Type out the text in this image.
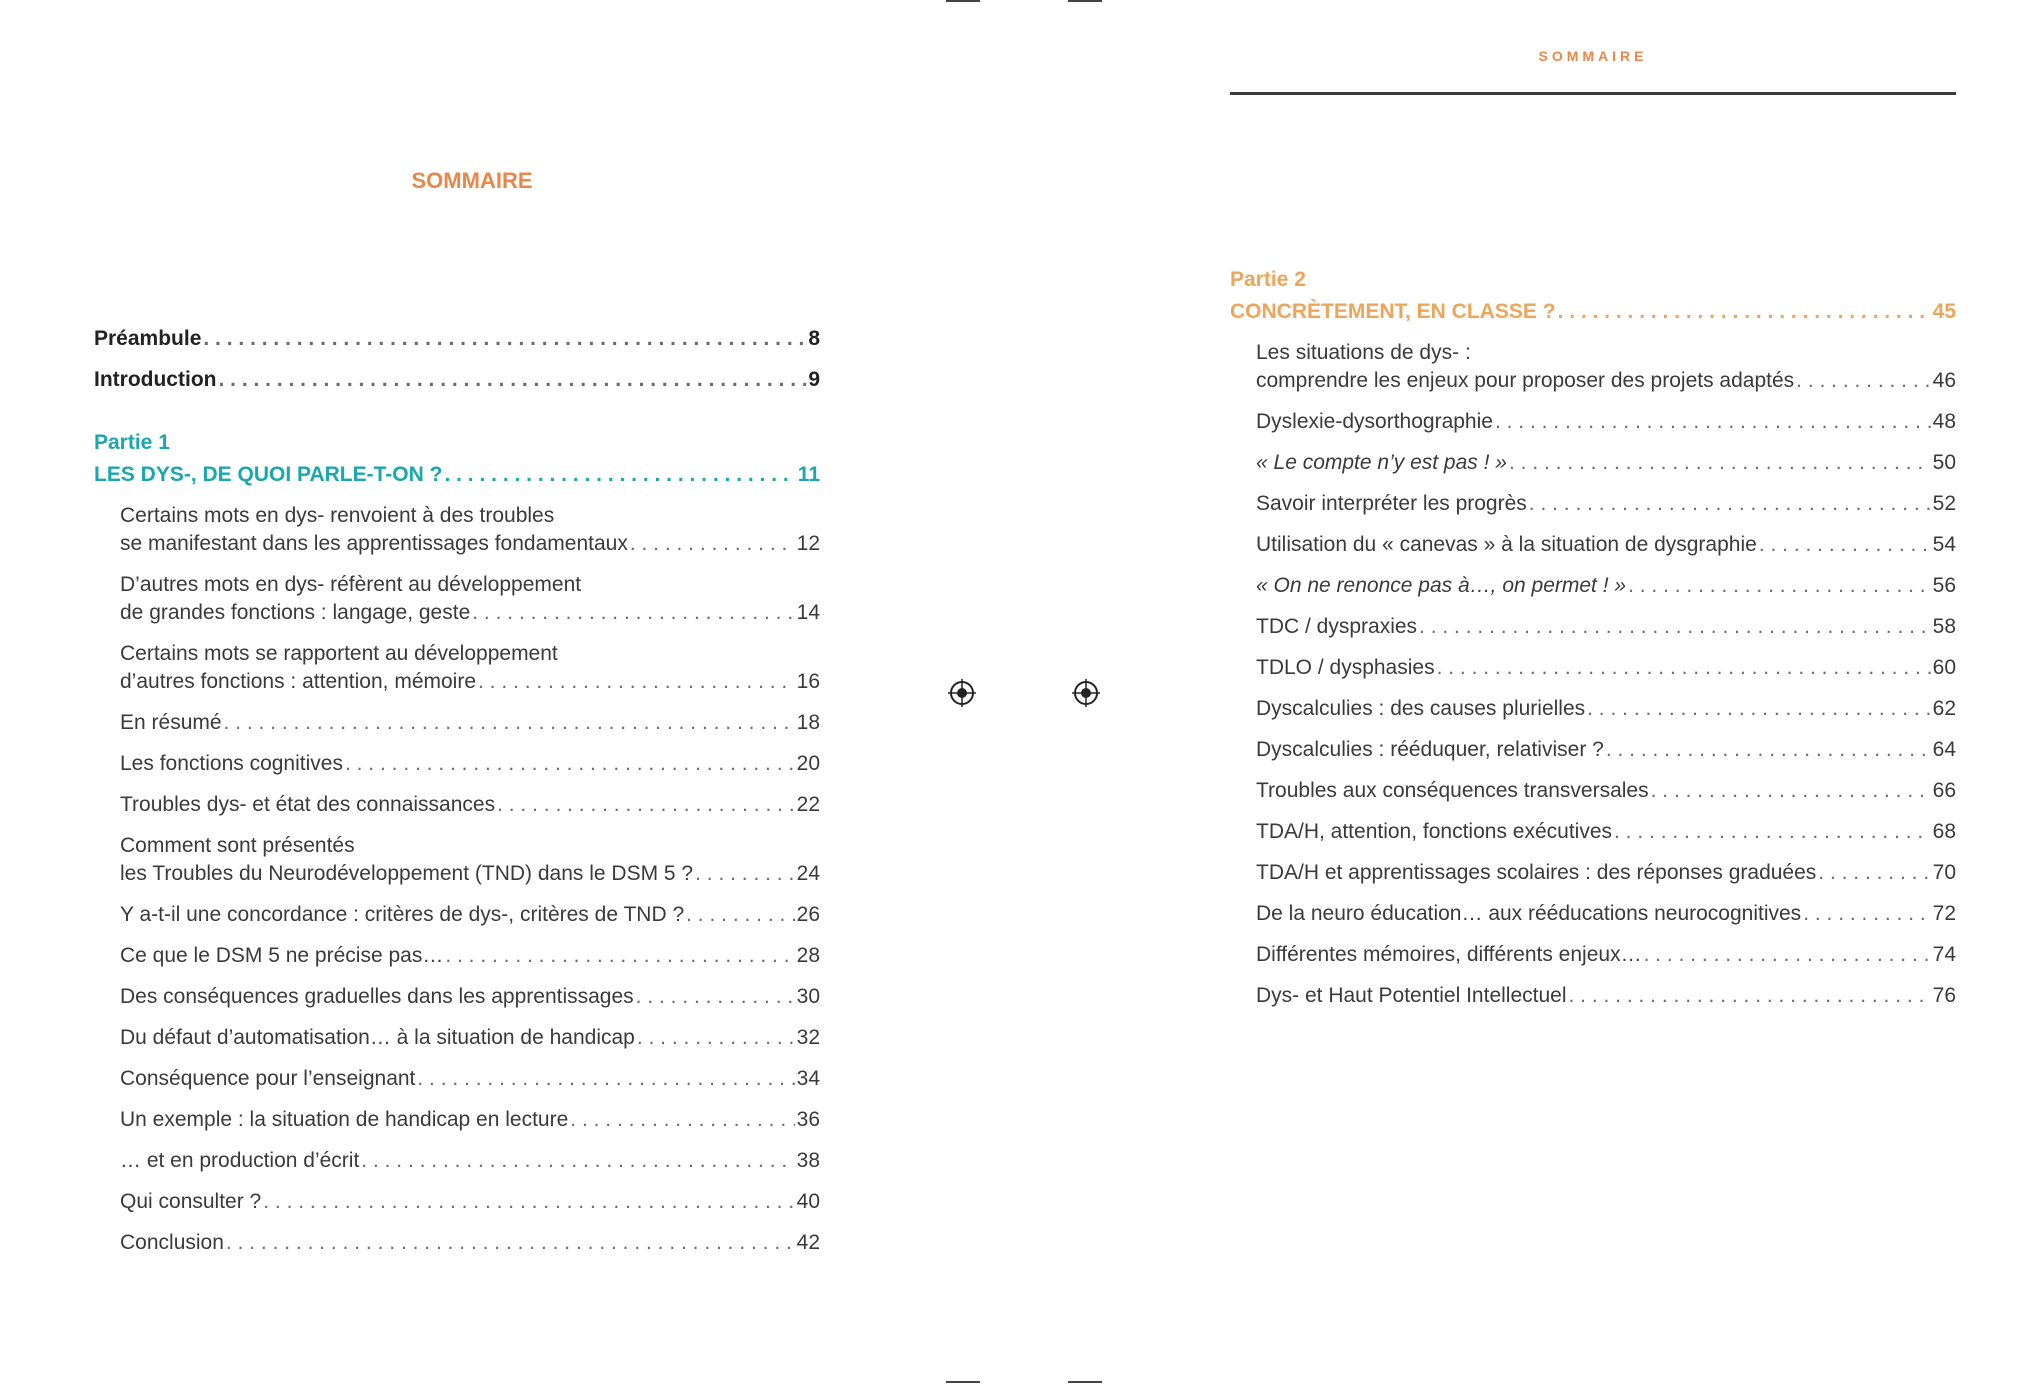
SOMMAIRE
Préambule . . .	8
Introduction . . .	9
Partie 1
LES DYS-, DE QUOI PARLE-T-ON ? . . .	11
Certains mots en dys- renvoient à des troubles
se manifestant dans les apprentissages fondamentaux . . .	12
D’autres mots en dys- réfèrent au développement
de grandes fonctions : langage, geste . . .	14
Certains mots se rapportent au développement
d’autres fonctions : attention, mémoire . . .	16
En résumé . . .	18
Les fonctions cognitives . . .	20
Troubles dys- et état des connaissances . . .	22
Comment sont présentés
les Troubles du Neurodéveloppement (TND) dans le DSM 5 ? . . .	24
Y a-t-il une concordance : critères de dys-, critères de TND ? . . .	26
Ce que le DSM 5 ne précise pas… . . .	28
Des conséquences graduelles dans les apprentissages . . .	30
Du défaut d’automatisation… à la situation de handicap . . .	32
Conséquence pour l’enseignant . . .	34
Un exemple : la situation de handicap en lecture . . .	36
… et en production d’écrit . . .	38
Qui consulter ? . . .	40
Conclusion . . .	42
SOMMAIRE
Partie 2
CONCRÈTEMENT, EN CLASSE ? . . .	45
Les situations de dys- :
comprendre les enjeux pour proposer des projets adaptés . . .	46
Dyslexie-dysorthographie . . .	48
« Le compte n’y est pas ! » . . .	50
Savoir interpréter les progrès . . .	52
Utilisation du « canevas » à la situation de dysgraphie . . .	54
« On ne renonce pas à…, on permet ! » . . .	56
TDC / dyspraxies . . .	58
TDLO / dysphasies . . .	60
Dyscalculies : des causes plurielles . . .	62
Dyscalculies : rééduquer, relativiser ? . . .	64
Troubles aux conséquences transversales . . .	66
TDA/H, attention, fonctions exécutives . . .	68
TDA/H et apprentissages scolaires : des réponses graduées . . .	70
De la neuro éducation… aux rééducations neurocognitives . . .	72
Différentes mémoires, différents enjeux… . . .	74
Dys- et Haut Potentiel Intellectuel . . .	76
